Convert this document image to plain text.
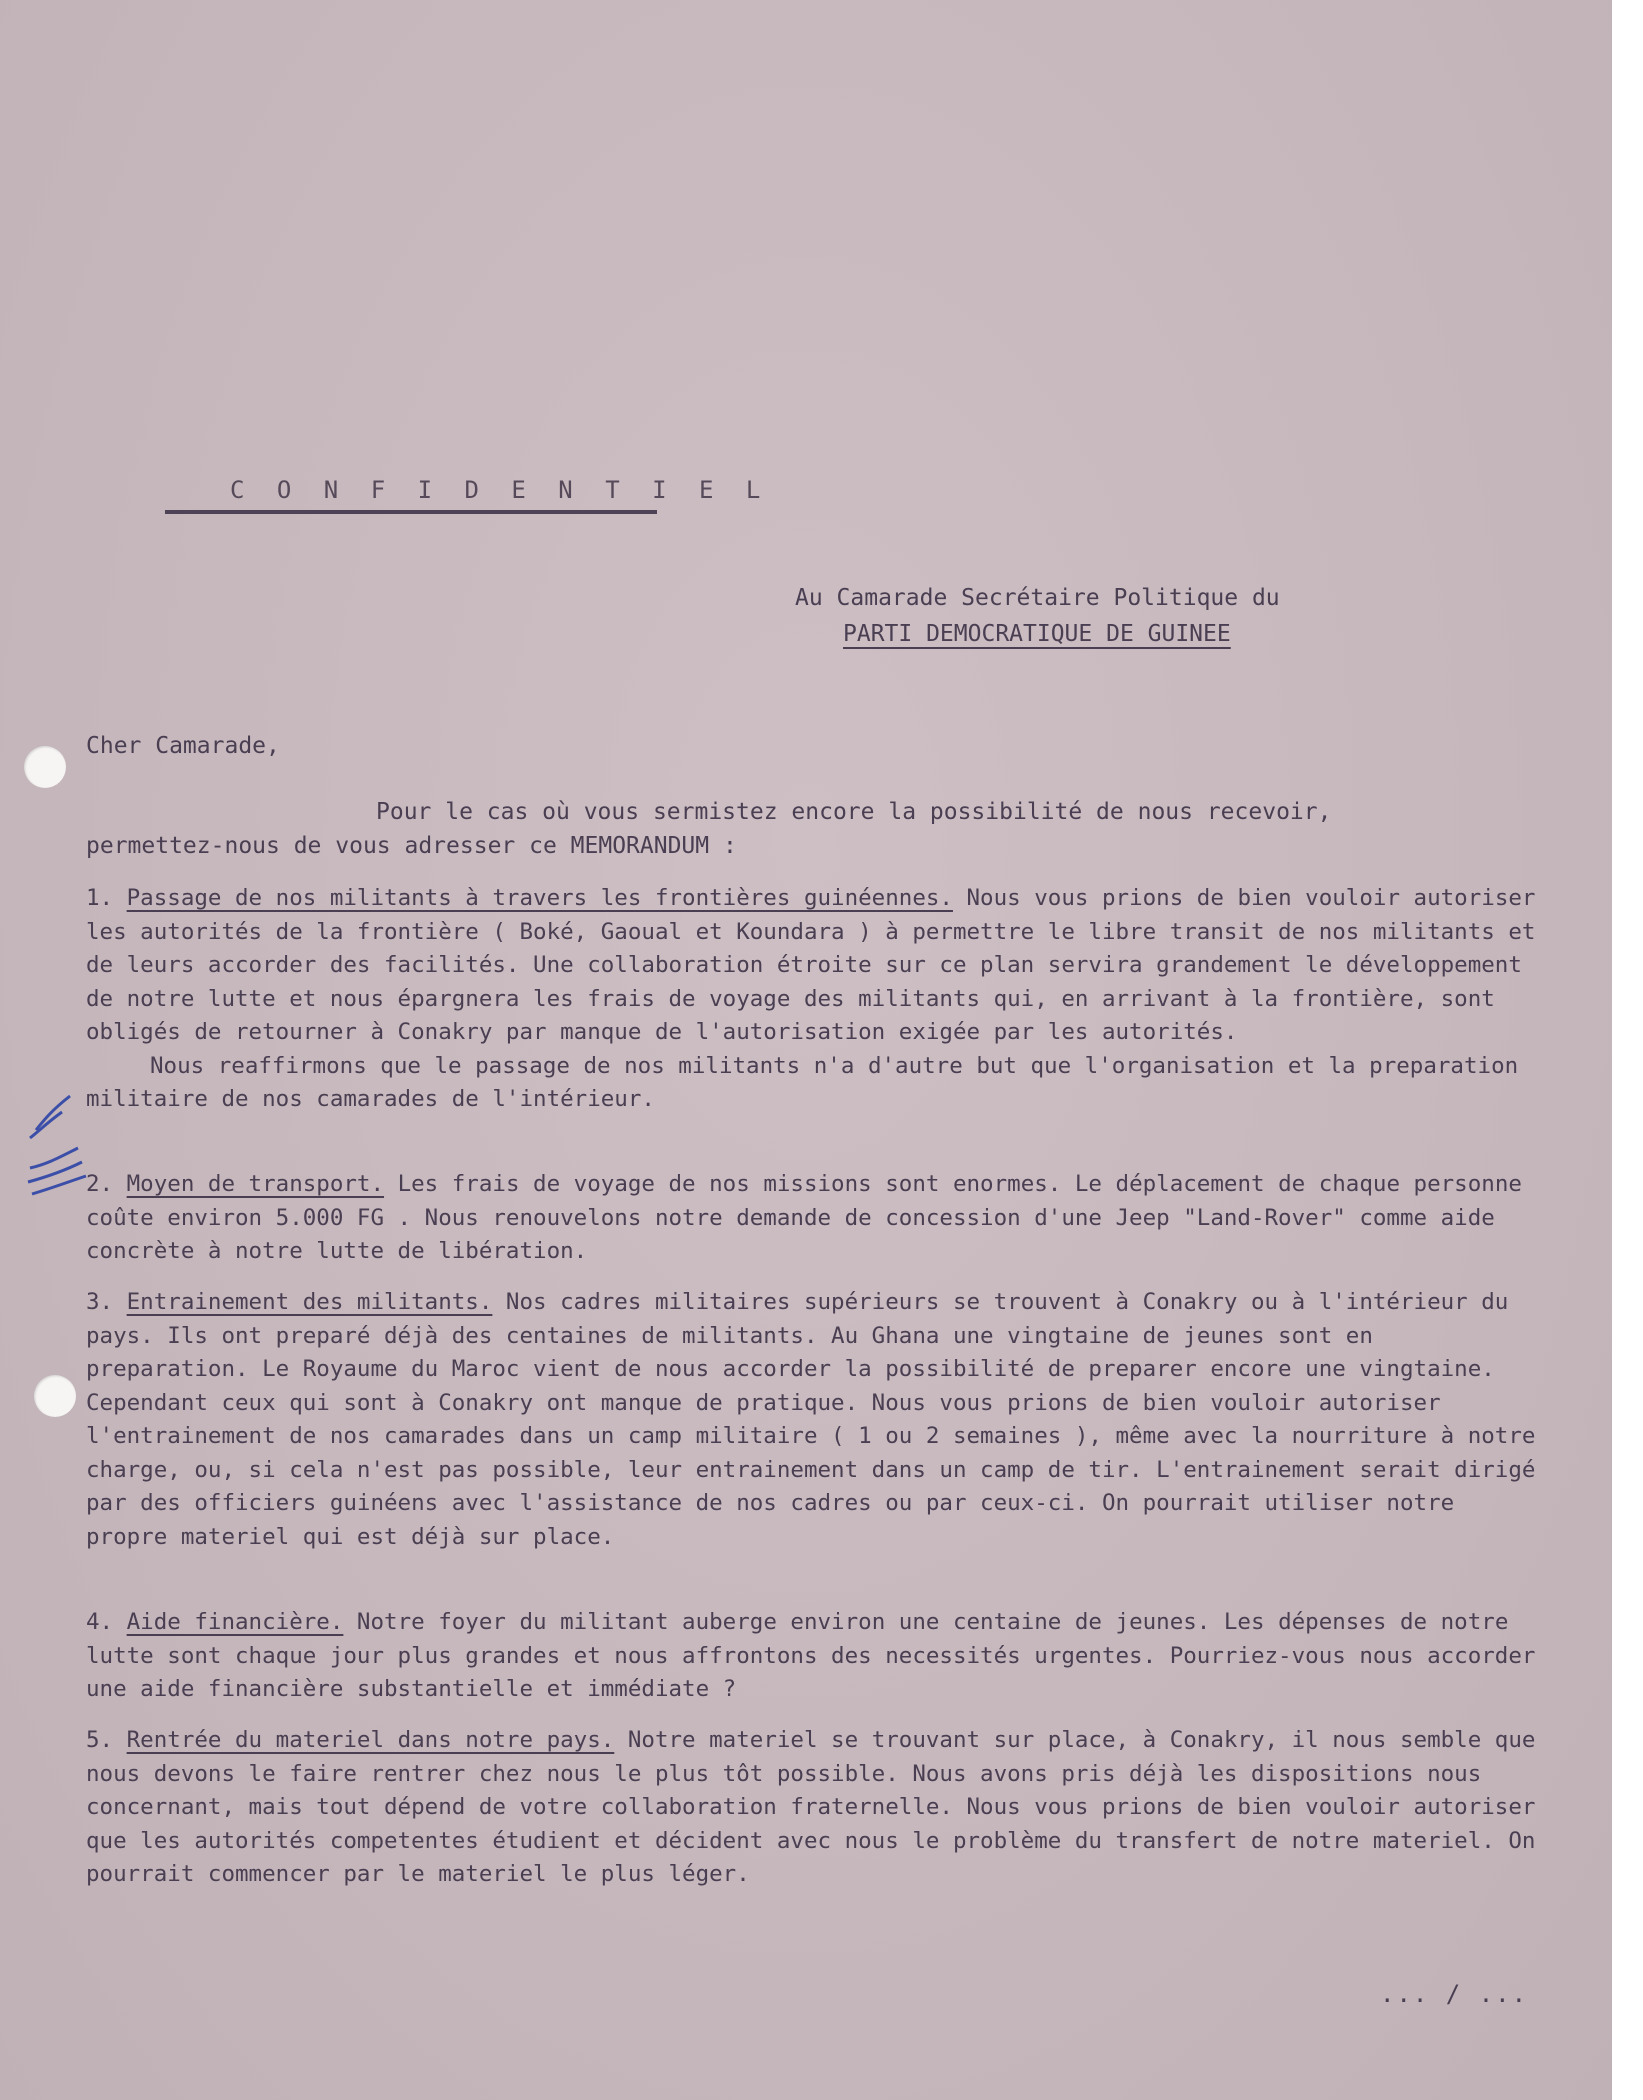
C O N F I D E N T I E L
Au Camarade Secrétaire Politique du
PARTI DEMOCRATIQUE DE GUINEE
Cher Camarade,
Pour le cas où vous sermistez encore la possibilité de nous recevoir,
permettez-nous de vous adresser ce MEMORANDUM :
1. Passage de nos militants à travers les frontières guinéennes. Nous vous prions de bien vouloir autoriser les autorités de la frontière ( Boké, Gaoual et Koundara ) à permettre le libre transit de nos militants et de leurs accorder des facilités. Une collaboration étroite sur ce plan servira grandement le développement de notre lutte et nous épargnera les frais de voyage des militants qui, en arrivant à la frontière, sont obligés de retourner à Conakry par manque de l'autorisation exigée par les autorités.
Nous reaffirmons que le passage de nos militants n'a d'autre but que l'organisation et la preparation militaire de nos camarades de l'intérieur.
2. Moyen de transport. Les frais de voyage de nos missions sont enormes. Le déplacement de chaque personne coûte environ 5.000 FG . Nous renouvelons notre demande de concession d'une Jeep "Land-Rover" comme aide concrète à notre lutte de libération.
3. Entrainement des militants. Nos cadres militaires supérieurs se trouvent à Conakry ou à l'intérieur du pays. Ils ont preparé déjà des centaines de militants. Au Ghana une vingtaine de jeunes sont en preparation. Le Royaume du Maroc vient de nous accorder la possibilité de preparer encore une vingtaine. Cependant ceux qui sont à Conakry ont manque de pratique. Nous vous prions de bien vouloir autoriser l'entrainement de nos camarades dans un camp militaire ( 1 ou 2 semaines ), même avec la nourriture à notre charge, ou, si cela n'est pas possible, leur entrainement dans un camp de tir. L'entrainement serait dirigé par des officiers guinéens avec l'assistance de nos cadres ou par ceux-ci. On pourrait utiliser notre propre materiel qui est déjà sur place.
4. Aide financière. Notre foyer du militant auberge environ une centaine de jeunes. Les dépenses de notre lutte sont chaque jour plus grandes et nous affrontons des necessités urgentes. Pourriez-vous nous accorder une aide financière substantielle et immédiate ?
5. Rentrée du materiel dans notre pays. Notre materiel se trouvant sur place, à Conakry, il nous semble que nous devons le faire rentrer chez nous le plus tôt possible. Nous avons pris déjà les dispositions nous concernant, mais tout dépend de votre collaboration fraternelle. Nous vous prions de bien vouloir autoriser que les autorités competentes étudient et décident avec nous le problème du transfert de notre materiel. On pourrait commencer par le materiel le plus léger.
... / ...
